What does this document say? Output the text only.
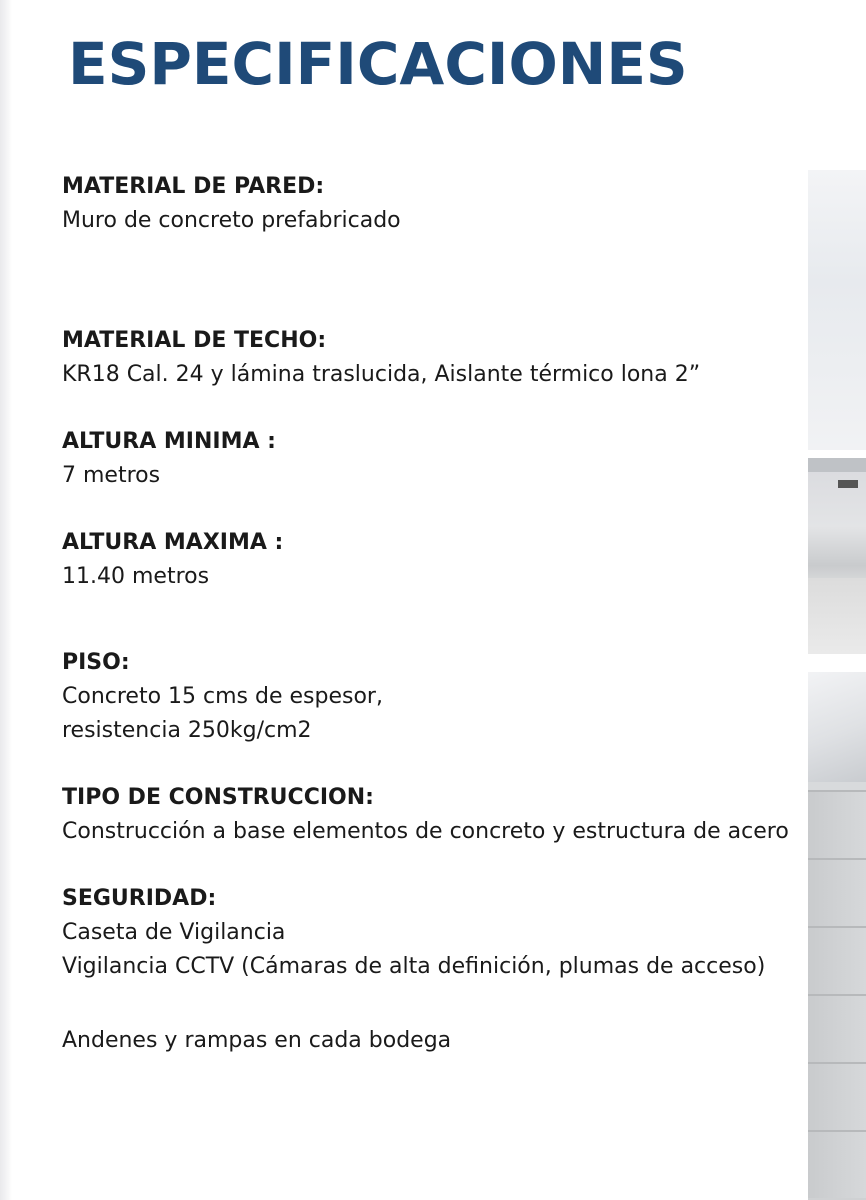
ESPECIFICACIONES
MATERIAL DE PARED:
Muro de concreto prefabricado
MATERIAL DE TECHO:
KR18 Cal. 24 y lámina traslucida, Aislante térmico lona 2”
ALTURA MINIMA :
7 metros
ALTURA MAXIMA :
11.40 metros
PISO:
Concreto 15 cms de espesor,
resistencia 250kg/cm2
TIPO DE CONSTRUCCION:
Construcción a base elementos de concreto y estructura de acero
SEGURIDAD:
Caseta de Vigilancia
Vigilancia CCTV (Cámaras de alta definición, plumas de acceso)
Andenes y rampas en cada bodega
